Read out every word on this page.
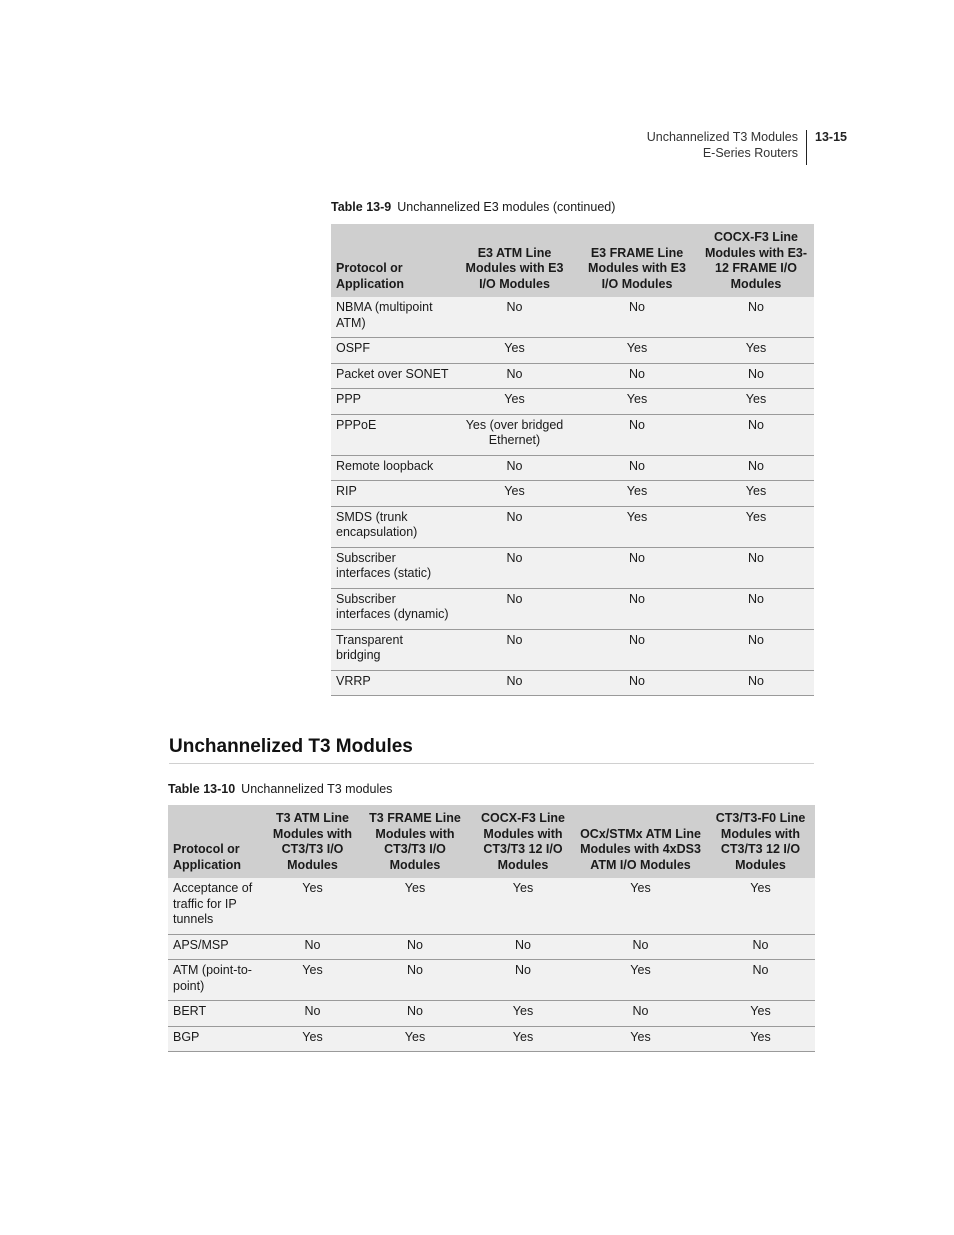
Unchannelized T3 Modules
E-Series Routers
13-15
Table 13-9 Unchannelized E3 modules (continued)
Protocol or Application	E3 ATM Line Modules with E3 I/O Modules	E3 FRAME Line Modules with E3 I/O Modules	COCX-F3 Line Modules with E3-12 FRAME I/O Modules
NBMA (multipoint ATM)	No	No	No
OSPF	Yes	Yes	Yes
Packet over SONET	No	No	No
PPP	Yes	Yes	Yes
PPPoE	Yes (over bridged Ethernet)	No	No
Remote loopback	No	No	No
RIP	Yes	Yes	Yes
SMDS (trunk encapsulation)	No	Yes	Yes
Subscriber interfaces (static)	No	No	No
Subscriber interfaces (dynamic)	No	No	No
Transparent bridging	No	No	No
VRRP	No	No	No
Unchannelized T3 Modules
Table 13-10 Unchannelized T3 modules
Protocol or Application	T3 ATM Line Modules with CT3/T3 I/O Modules	T3 FRAME Line Modules with CT3/T3 I/O Modules	COCX-F3 Line Modules with CT3/T3 12 I/O Modules	OCx/STMx ATM Line Modules with 4xDS3 ATM I/O Modules	CT3/T3-F0 Line Modules with CT3/T3 12 I/O Modules
Acceptance of traffic for IP tunnels	Yes	Yes	Yes	Yes	Yes
APS/MSP	No	No	No	No	No
ATM (point-to-point)	Yes	No	No	Yes	No
BERT	No	No	Yes	No	Yes
BGP	Yes	Yes	Yes	Yes	Yes
